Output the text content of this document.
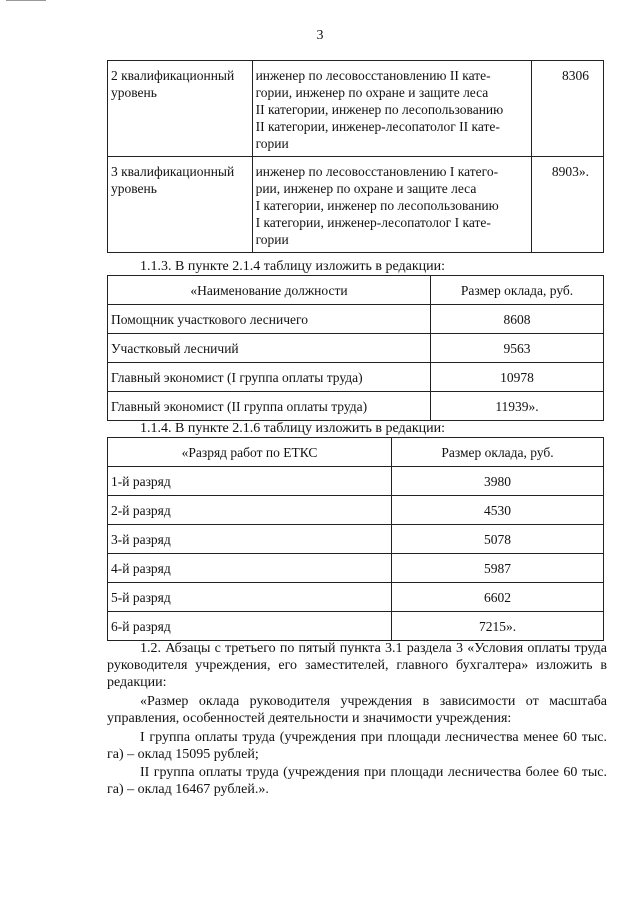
3
2 квалификационный уровень	инженер по лесовосстановлению II кате-
гории, инженер по охране и защите леса
II категории, инженер по лесопользованию
II категории, инженер-лесопатолог II кате-
гории	8306
3 квалификационный уровень	инженер по лесовосстановлению I катего-
рии, инженер по охране и защите леса
I категории, инженер по лесопользованию
I категории, инженер-лесопатолог I кате-
гории	8903».
1.1.3. В пункте 2.1.4 таблицу изложить в редакции:
«Наименование должности	Размер оклада, руб.
Помощник участкового лесничего	8608
Участковый лесничий	9563
Главный экономист (I группа оплаты труда)	10978
Главный экономист (II группа оплаты труда)	11939».
1.1.4. В пункте 2.1.6 таблицу изложить в редакции:
«Разряд работ по ЕТКС	Размер оклада, руб.
1-й разряд	3980
2-й разряд	4530
3-й разряд	5078
4-й разряд	5987
5-й разряд	6602
6-й разряд	7215».
1.2. Абзацы с третьего по пятый пункта 3.1 раздела 3 «Условия оплаты труда руководителя учреждения, его заместителей, главного бухгалтера» изложить в редакции:
«Размер оклада руководителя учреждения в зависимости от масштаба управления, особенностей деятельности и значимости учреждения:
I группа оплаты труда (учреждения при площади лесничества менее 60 тыс. га) – оклад 15095 рублей;
II группа оплаты труда (учреждения при площади лесничества более 60 тыс. га) – оклад 16467 рублей.».
